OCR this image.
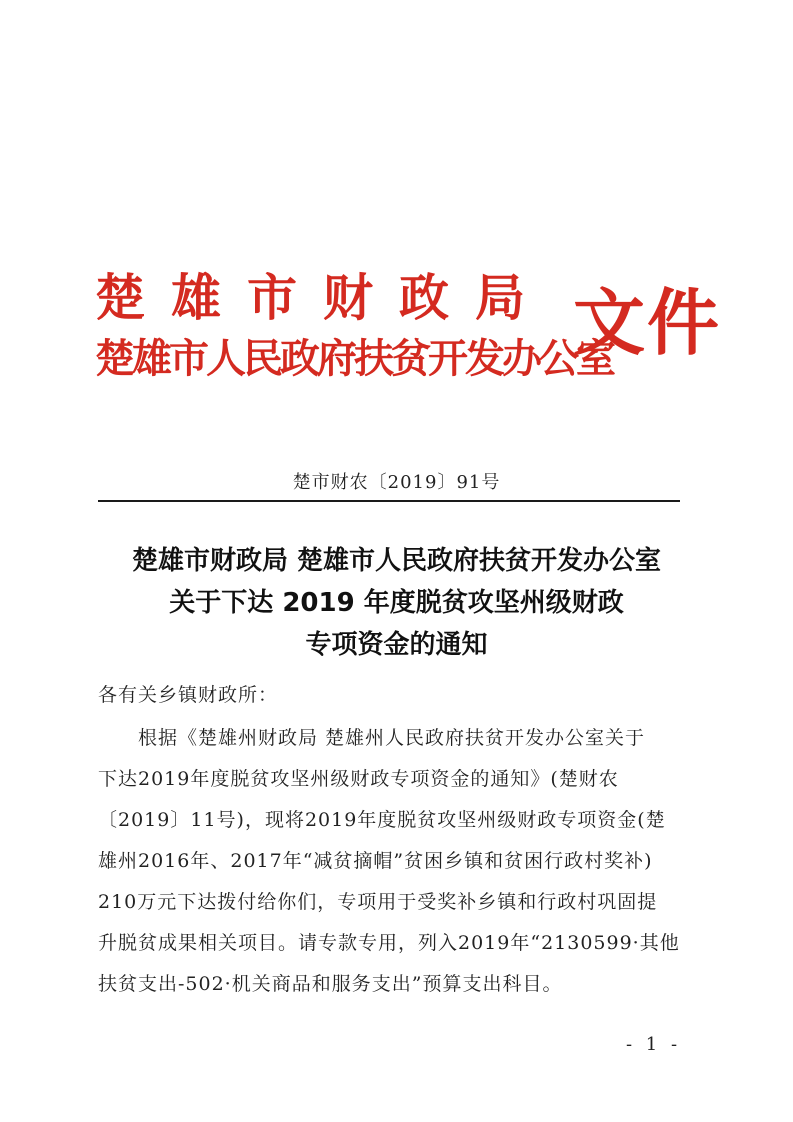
楚雄市财政局
楚雄市人民政府扶贫开发办公室
文件
楚市财农〔2019〕91号
楚雄市财政局 楚雄市人民政府扶贫开发办公室
关于下达 2019 年度脱贫攻坚州级财政
专项资金的通知
各有关乡镇财政所：
根据《楚雄州财政局 楚雄州人民政府扶贫开发办公室关于
下达2019年度脱贫攻坚州级财政专项资金的通知》(楚财农
〔2019〕11号)，现将2019年度脱贫攻坚州级财政专项资金(楚
雄州2016年、2017年“减贫摘帽”贫困乡镇和贫困行政村奖补)
210万元下达拨付给你们，专项用于受奖补乡镇和行政村巩固提
升脱贫成果相关项目。请专款专用，列入2019年“2130599·其他
扶贫支出-502·机关商品和服务支出”预算支出科目。
- 1 -
